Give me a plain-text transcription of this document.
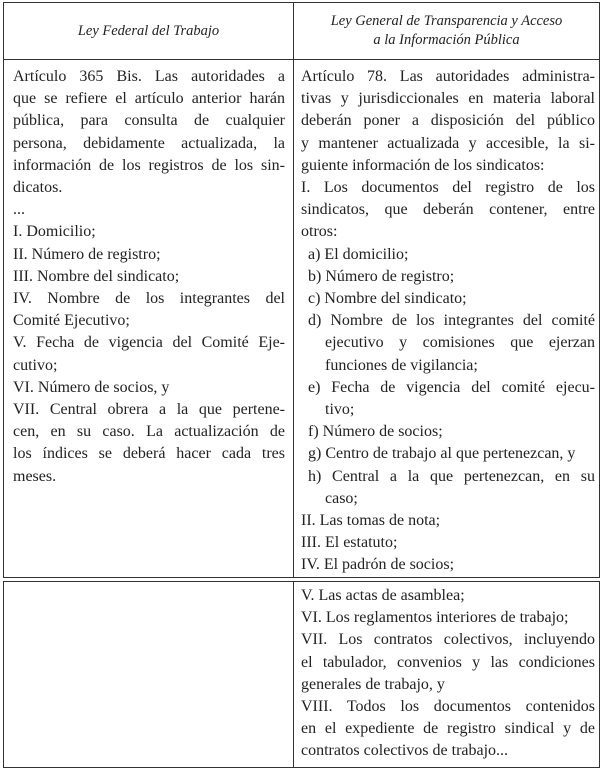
Ley Federal del Trabajo
Ley General de Transparencia y Acceso
a la Información Pública
Artículo 365 Bis. Las autoridades a
que se refiere el artículo anterior harán
pública, para consulta de cualquier
persona, debidamente actualizada, la
información de los registros de los sin-
dicatos.
...
I. Domicilio;
II. Número de registro;
III. Nombre del sindicato;
IV. Nombre de los integrantes del
Comité Ejecutivo;
V. Fecha de vigencia del Comité Eje-
cutivo;
VI. Número de socios, y
VII. Central obrera a la que pertene-
cen, en su caso. La actualización de
los índices se deberá hacer cada tres
meses.
Artículo 78. Las autoridades administra-
tivas y jurisdiccionales en materia laboral
deberán poner a disposición del público
y mantener actualizada y accesible, la si-
guiente información de los sindicatos:
I. Los documentos del registro de los
sindicatos, que deberán contener, entre
otros:
a) El domicilio;
b) Número de registro;
c) Nombre del sindicato;
d) Nombre de los integrantes del comité
ejecutivo y comisiones que ejerzan
funciones de vigilancia;
e) Fecha de vigencia del comité ejecu-
tivo;
f) Número de socios;
g) Centro de trabajo al que pertenezcan, y
h) Central a la que pertenezcan, en su
caso;
II. Las tomas de nota;
III. El estatuto;
IV. El padrón de socios;
V. Las actas de asamblea;
VI. Los reglamentos interiores de trabajo;
VII. Los contratos colectivos, incluyendo
el tabulador, convenios y las condiciones
generales de trabajo, y
VIII. Todos los documentos contenidos
en el expediente de registro sindical y de
contratos colectivos de trabajo...
